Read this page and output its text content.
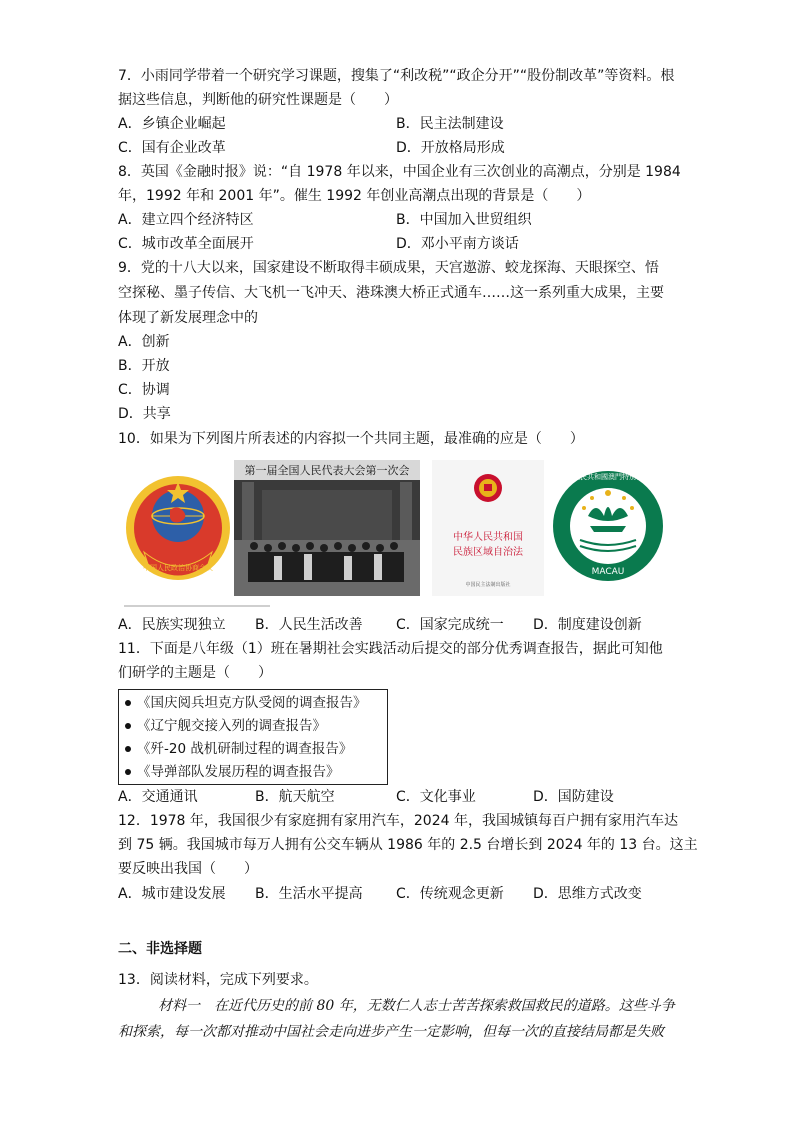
7．小雨同学带着一个研究学习课题，搜集了“利改税”“政企分开”“股份制改革”等资料。根
据这些信息，判断他的研究性课题是（　　）
A．乡镇企业崛起	B．民主法制建设
C．国有企业改革	D．开放格局形成
8．英国《金融时报》说：“自 1978 年以来，中国企业有三次创业的高潮点，分别是 1984
年，1992 年和 2001 年”。催生 1992 年创业高潮点出现的背景是（　　）
A．建立四个经济特区	B．中国加入世贸组织
C．城市改革全面展开	D．邓小平南方谈话
9．党的十八大以来，国家建设不断取得丰硕成果，天宫遨游、蛟龙探海、天眼探空、悟
空探秘、墨子传信、大飞机一飞冲天、港珠澳大桥正式通车……这一系列重大成果，主要
体现了新发展理念中的
A．创新
B．开放
C．协调
D．共享
10．如果为下列图片所表述的内容拟一个共同主题，最准确的应是（　　）
中国人民政治协商会议
第一届全国人民代表大会第一次会
中华人民共和国
民族区域自治法
中国民主法制出版社
中華人民共和國澳門特別行政區
MACAU
A．民族实现独立 B．人民生活改善 C．国家完成统一 D．制度建设创新
11．下面是八年级（1）班在暑期社会实践活动后提交的部分优秀调查报告，据此可知他
们研学的主题是（　　）
《国庆阅兵坦克方队受阅的调查报告》
《辽宁舰交接入列的调查报告》
《歼-20 战机研制过程的调查报告》
《导弹部队发展历程的调查报告》
A．交通通讯	B．航天航空	C．文化事业	D．国防建设
12．1978 年，我国很少有家庭拥有家用汽车，2024 年，我国城镇每百户拥有家用汽车达
到 75 辆。我国城市每万人拥有公交车辆从 1986 年的 2.5 台增长到 2024 年的 13 台。这主
要反映出我国（　　）
A．城市建设发展 B．生活水平提高 C．传统观念更新 D．思维方式改变
二、非选择题
13．阅读材料，完成下列要求。
材料一　在近代历史的前 80 年，无数仁人志士苦苦探索救国救民的道路。这些斗争
和探索，每一次都对推动中国社会走向进步产生一定影响，但每一次的直接结局都是失败
